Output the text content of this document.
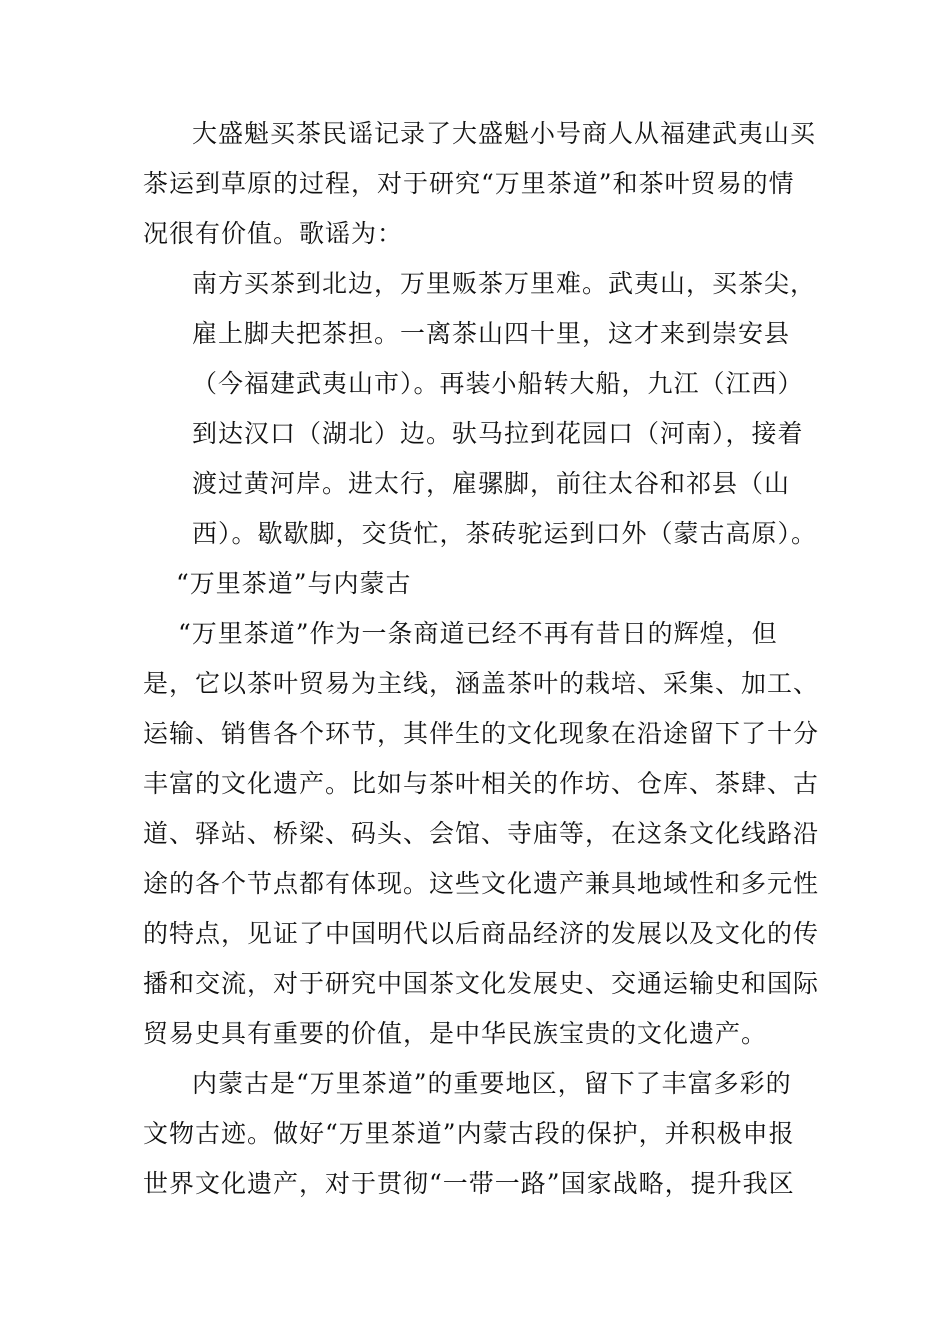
大盛魁买茶民谣记录了大盛魁小号商人从福建武夷山买
茶运到草原的过程，对于研究“万里茶道”和茶叶贸易的情
况很有价值。歌谣为：
南方买茶到北边，万里贩茶万里难。武夷山，买茶尖，
雇上脚夫把茶担。一离茶山四十里，这才来到崇安县
（今福建武夷山市）。再装小船转大船，九江（江西）
到达汉口（湖北）边。驮马拉到花园口（河南），接着
渡过黄河岸。进太行，雇骡脚，前往太谷和祁县（山
西）。歇歇脚，交货忙，茶砖驼运到口外（蒙古高原）。
“万里茶道”与内蒙古
“万里茶道”作为一条商道已经不再有昔日的辉煌，但
是，它以茶叶贸易为主线，涵盖茶叶的栽培、采集、加工、
运输、销售各个环节，其伴生的文化现象在沿途留下了十分
丰富的文化遗产。比如与茶叶相关的作坊、仓库、茶肆、古
道、驿站、桥梁、码头、会馆、寺庙等，在这条文化线路沿
途的各个节点都有体现。这些文化遗产兼具地域性和多元性
的特点，见证了中国明代以后商品经济的发展以及文化的传
播和交流，对于研究中国茶文化发展史、交通运输史和国际
贸易史具有重要的价值，是中华民族宝贵的文化遗产。
内蒙古是“万里茶道”的重要地区，留下了丰富多彩的
文物古迹。做好“万里茶道”内蒙古段的保护，并积极申报
世界文化遗产，对于贯彻“一带一路”国家战略，提升我区
